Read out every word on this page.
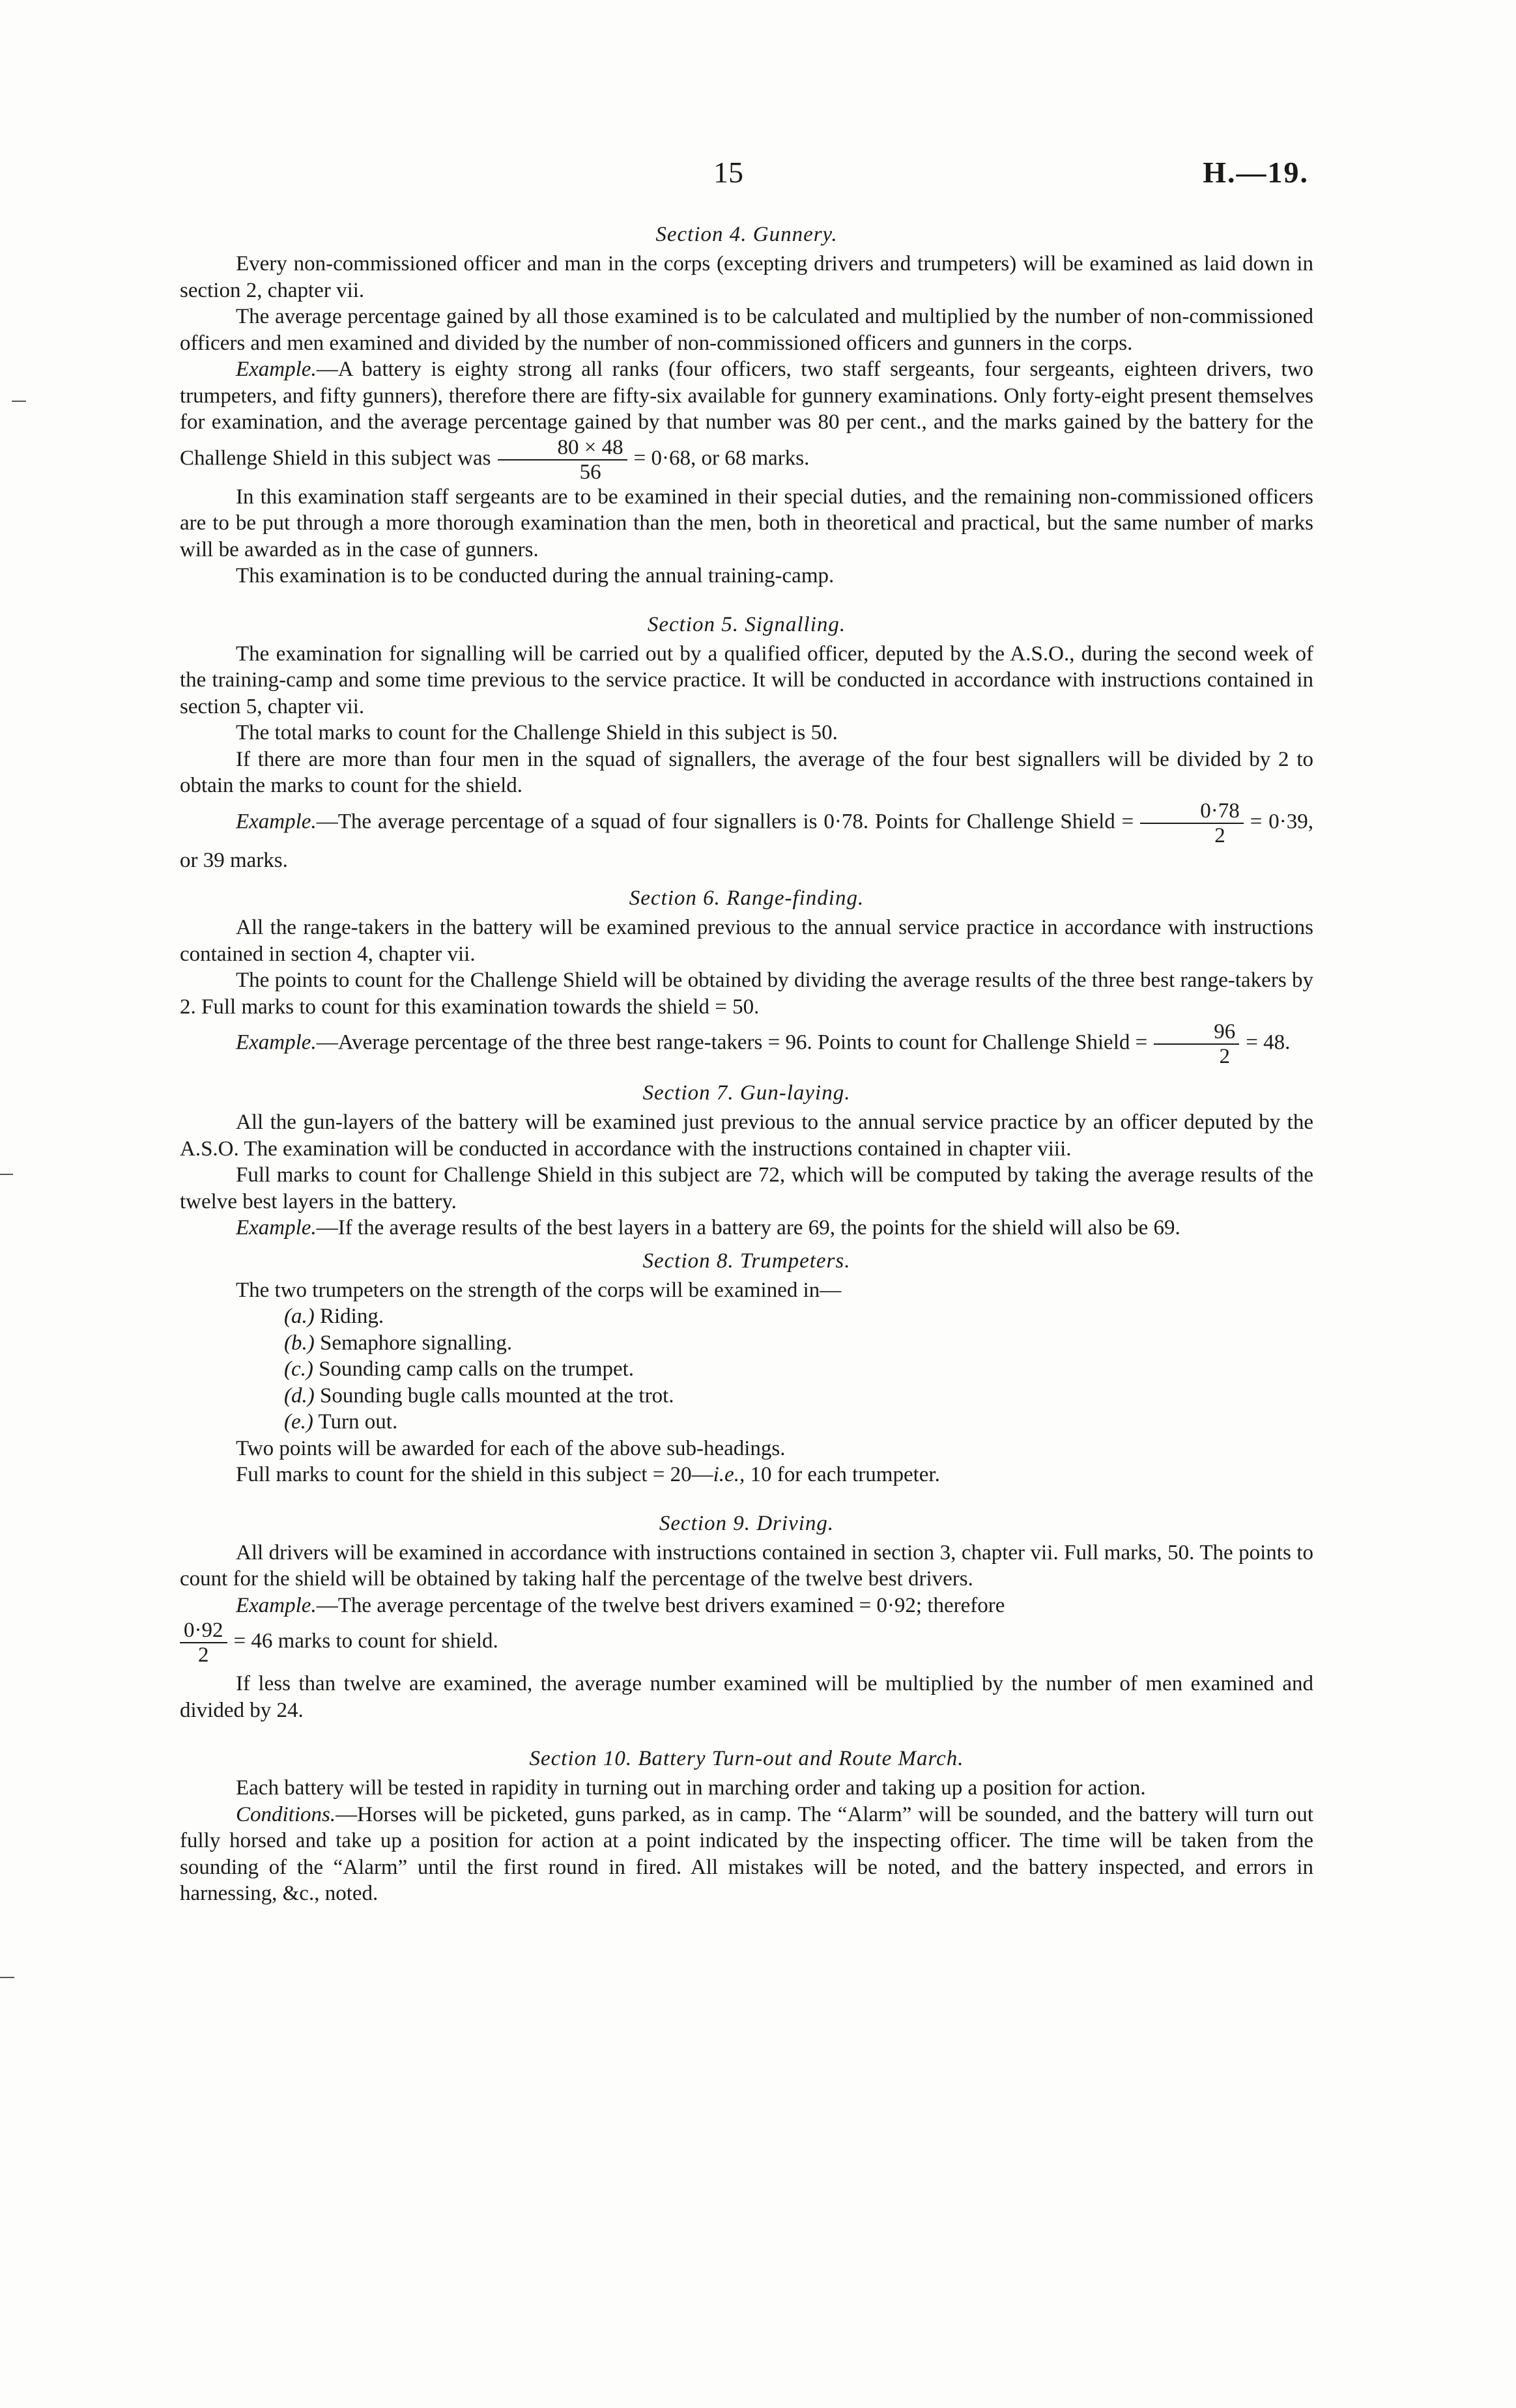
15	H.—19.
Section 4. Gunnery.

Every non-commissioned officer and man in the corps (excepting drivers and trumpeters) will be examined as laid down in section 2, chapter vii.

The average percentage gained by all those examined is to be calculated and multiplied by the number of non-commissioned officers and men examined and divided by the number of non-commissioned officers and gunners in the corps.

Example.—A battery is eighty strong all ranks (four officers, two staff sergeants, four sergeants, eighteen drivers, two trumpeters, and fifty gunners), therefore there are fifty-six available for gunnery examinations. Only forty-eight present themselves for examination, and the average percentage gained by that number was 80 per cent., and the marks gained by the battery for the Challenge Shield in this subject was $\frac{80 \times 48}{56} = 0\cdot 68$, or 68 marks.

In this examination staff sergeants are to be examined in their special duties, and the remaining non-commissioned officers are to be put through a more thorough examination than the men, both in theoretical and practical, but the same number of marks will be awarded as in the case of gunners.

This examination is to be conducted during the annual training-camp.

Section 5. Signalling.

The examination for signalling will be carried out by a qualified officer, deputed by the A.S.O., during the second week of the training-camp and some time previous to the service practice. It will be conducted in accordance with instructions contained in section 5, chapter vii.

The total marks to count for the Challenge Shield in this subject is 50.

If there are more than four men in the squad of signallers, the average of the four best signallers will be divided by 2 to obtain the marks to count for the shield.

Example.—The average percentage of a squad of four signallers is 0·78. Points for Challenge Shield = $\frac{0\cdot 78}{2} = 0\cdot 39$, or 39 marks.

Section 6. Range-finding.

All the range-takers in the battery will be examined previous to the annual service practice in accordance with instructions contained in section 4, chapter vii.

The points to count for the Challenge Shield will be obtained by dividing the average results of the three best range-takers by 2. Full marks to count for this examination towards the shield = 50.

Example.—Average percentage of the three best range-takers = 96. Points to count for Challenge Shield = $\frac{96}{2} = 48$.

Section 7. Gun-laying.

All the gun-layers of the battery will be examined just previous to the annual service practice by an officer deputed by the A.S.O. The examination will be conducted in accordance with the instructions contained in chapter viii.

Full marks to count for Challenge Shield in this subject are 72, which will be computed by taking the average results of the twelve best layers in the battery.

Example.—If the average results of the best layers in a battery are 69, the points for the shield will also be 69.

Section 8. Trumpeters.

The two trumpeters on the strength of the corps will be examined in—

(a.) Riding.
(b.) Semaphore signalling.
(c.) Sounding camp calls on the trumpet.
(d.) Sounding bugle calls mounted at the trot.
(e.) Turn out.

Two points will be awarded for each of the above sub-headings.

Full marks to count for the shield in this subject = 20—i.e., 10 for each trumpeter.

Section 9. Driving.

All drivers will be examined in accordance with instructions contained in section 3, chapter vii. Full marks, 50. The points to count for the shield will be obtained by taking half the percentage of the twelve best drivers.

Example.—The average percentage of the twelve best drivers examined = 0·92; therefore

$\frac{0\cdot 92}{2} = 46$ marks to count for shield.

If less than twelve are examined, the average number examined will be multiplied by the number of men examined and divided by 24.

Section 10. Battery Turn-out and Route March.

Each battery will be tested in rapidity in turning out in marching order and taking up a position for action.

Conditions.—Horses will be picketed, guns parked, as in camp. The “Alarm” will be sounded, and the battery will turn out fully horsed and take up a position for action at a point indicated by the inspecting officer. The time will be taken from the sounding of the “Alarm” until the first round in fired. All mistakes will be noted, and the battery inspected, and errors in harnessing, &c., noted.
